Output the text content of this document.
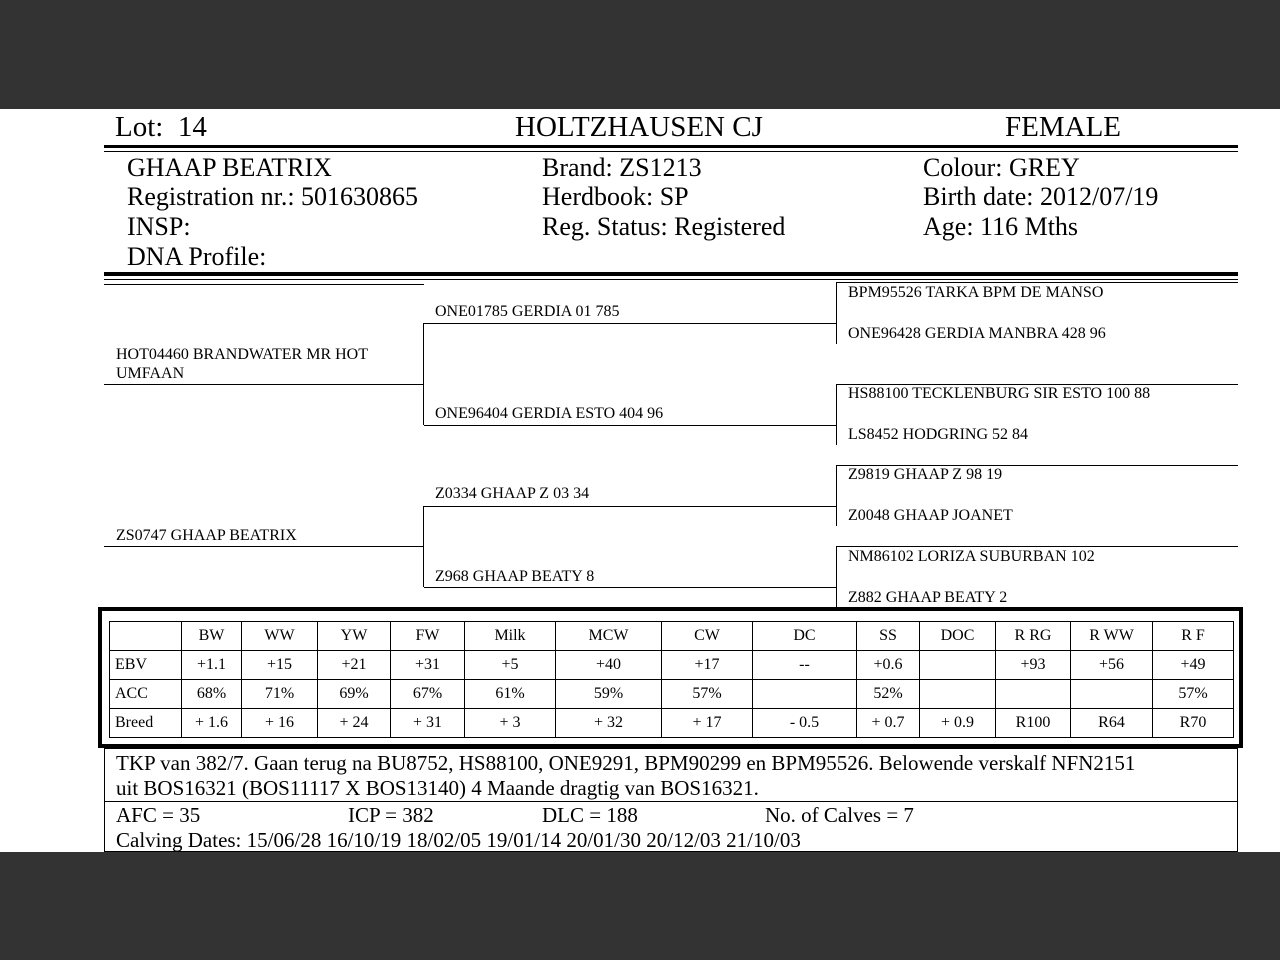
Lot: 14	HOLTZHAUSEN CJ	FEMALE
GHAAP BEATRIX
Registration nr.: 501630865
INSP:
DNA Profile:
Brand: ZS1213
Herdbook: SP
Reg. Status: Registered
Colour: GREY
Birth date: 2012/07/19
Age: 116 Mths
HOT04460 BRANDWATER MR HOT UMFAAN
ZS0747 GHAAP BEATRIX
ONE01785 GERDIA 01 785
ONE96404 GERDIA ESTO 404 96
Z0334 GHAAP Z 03 34
Z968 GHAAP BEATY 8
BPM95526 TARKA BPM DE MANSO
ONE96428 GERDIA MANBRA 428 96
HS88100 TECKLENBURG SIR ESTO 100 88
LS8452 HODGRING 52 84
Z9819 GHAAP Z 98 19
Z0048 GHAAP JOANET
NM86102 LORIZA SUBURBAN 102
Z882 GHAAP BEATY 2
	BW	WW	YW	FW	Milk	MCW	CW	DC	SS	DOC	R RG	R WW	R F
EBV	+1.1	+15	+21	+31	+5	+40	+17	--	+0.6		+93	+56	+49
ACC	68%	71%	69%	67%	61%	59%	57%		52%				57%
Breed	+ 1.6	+ 16	+ 24	+ 31	+ 3	+ 32	+ 17	- 0.5	+ 0.7	+ 0.9	R100	R64	R70
TKP van 382/7. Gaan terug na BU8752, HS88100, ONE9291, BPM90299 en BPM95526. Belowende verskalf NFN2151
uit BOS16321 (BOS11117 X BOS13140) 4 Maande dragtig van BOS16321.
AFC = 35	ICP = 382	DLC = 188	No. of Calves = 7
Calving Dates: 15/06/28 16/10/19 18/02/05 19/01/14 20/01/30 20/12/03 21/10/03
